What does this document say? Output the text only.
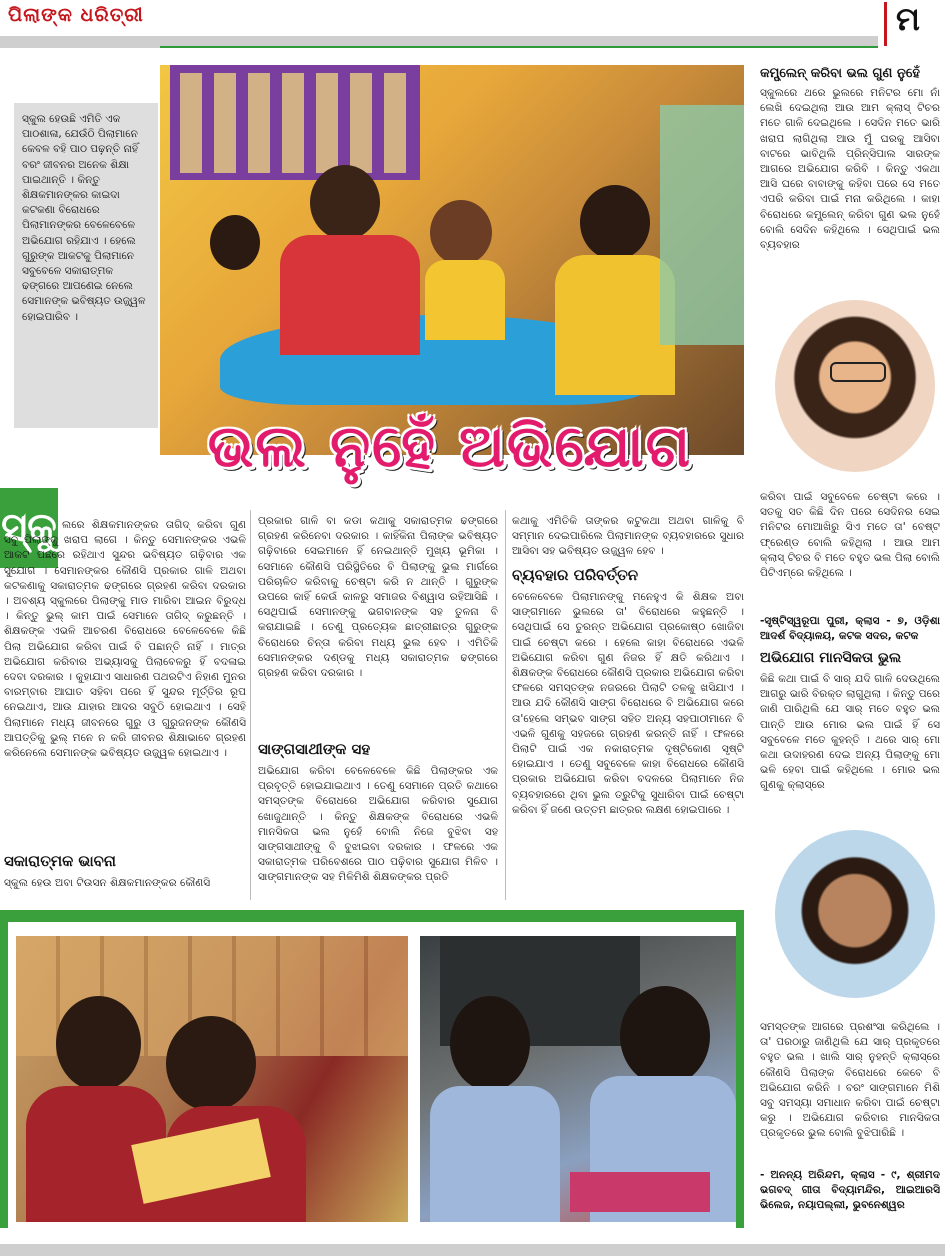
ପିଲାଙ୍କ ଧରିତ୍ରୀ	ମ
ସ୍କୁଲ ହେଉଛି ଏମିତି ଏକ ପାଠଶାଳା, ଯେଉଁଠି ପିଲାମାନେ କେବଳ ବହି ପାଠ ପଢ଼ନ୍ତି ନାହିଁ ବରଂ ଜୀବନର ଅନେକ ଶିକ୍ଷା ପାଇଥାନ୍ତି । କିନ୍ତୁ ଶିକ୍ଷକମାନଙ୍କର କାଇଦା କଟକଣା ବିରୋଧରେ ପିଲାମାନଙ୍କର ବେଳେବେଳେ ଅଭିଯୋଗ ରହିଯାଏ । ହେଲେ ଗୁରୁଙ୍କ ଆକଟକୁ ପିଲାମାନେ ସବୁବେଳେ ସକାରାତ୍ମକ ଢଙ୍ଗରେ ଆପଣେଇ ନେଲେ ସେମାନଙ୍କ ଭବିଷ୍ୟତ ଉଜ୍ଜ୍ୱଳ ହୋଇପାରିବ ।
ଭଲ ନୁହେଁ ଅଭିଯୋଗ
ସ୍କୁ ଲରେ ଶିକ୍ଷକମାନଙ୍କର ତାଗିଦ୍ କରିବା ଗୁଣ ସବୁ ପିଲାଙ୍କୁ ଖରାପ ଲାଗେ । କିନ୍ତୁ ସେମାନଙ୍କର ଏଭଳି ଆକଟ ପଛରେ ରହିଥାଏ ସୁନ୍ଦର ଭବିଷ୍ୟତ ଗଢ଼ିବାର ଏକ ସୁଯୋଗ । ସେମାନଙ୍କର କୌଣସି ପ୍ରକାର ଗାଳି ଅଥବା କଟକଣାକୁ ସକାରାତ୍ମକ ଢଙ୍ଗରେ ଗ୍ରହଣ କରିବା ଦରକାର । ଅବଶ୍ୟ ସ୍କୁଲରେ ପିଲାଙ୍କୁ ମାଡ ମାରିବା ଆଇନ ବିରୁଦ୍ଧ । କିନ୍ତୁ ଭୁଲ୍ କାମ ପାଇଁ ସେମାନେ ତାଗିଦ୍ କରୁଛନ୍ତି । ଶିକ୍ଷକଙ୍କ ଏଭଳି ଆଚରଣ ବିରୋଧରେ ବେଳେବେଳେ କିଛି ପିଲା ଅଭିଯୋଗ କରିବା ପାଇଁ ବି ପଛାନ୍ତି ନାହିଁ । ମାତ୍ର ଅଭିଯୋଗ କରିବାର ଅଭ୍ୟାସକୁ ପିଲାବେଳରୁ ହିଁ ବଦଳାଇ ଦେବା ଦରକାର । କୁହାଯାଏ ସାଧାରଣ ପଥରଟିଏ ନିହାଣ ମୁନର ବାରମ୍ବାର ଆଘାତ ସହିବା ପରେ ହିଁ ସୁନ୍ଦର ମୂର୍ତ୍ତିର ରୂପ ନେଇଥାଏ, ଆଉ ଯାହାର ଆଦର ସବୁଠି ହୋଇଥାଏ । ସେହି ପିଲାମାନେ ମଧ୍ୟ ଜୀବନରେ ଗୁରୁ ଓ ଗୁରୁଜନଙ୍କ କୌଣସି ଆପତ୍ତିକୁ ଭୁଲ୍ ମନେ ନ କରି ଜୀବନର ଶିକ୍ଷାଭାବେ ଗ୍ରହଣ କରିନେଲେ ସେମାନଙ୍କ ଭବିଷ୍ୟତ ଉଜ୍ଜ୍ୱଳ ହୋଇଥାଏ ।
ସକାରାତ୍ମକ ଭାବନା
ସ୍କୁଲ ହେଉ ଅବା ଟିଉସନ ଶିକ୍ଷକମାନଙ୍କର କୌଣସି
ପ୍ରକାର ଗାଳି ବା କଡା କଥାକୁ ସକାରାତ୍ମକ ଢଙ୍ଗରେ ଗ୍ରହଣ କରିନେବା ଦରକାର । କାହିଁକିନା ପିଲାଙ୍କ ଭବିଷ୍ୟତ ଗଢ଼ିବାରେ ସେଇମାନେ ହିଁ ନେଇଥାନ୍ତି ମୁଖ୍ୟ ଭୂମିକା । ସେମାନେ କୌଣସି ପରିସ୍ଥିତିରେ ବି ପିଲାଙ୍କୁ ଭୁଲ ମାର୍ଗରେ ପରିଚାଳିତ କରିବାକୁ ଚେଷ୍ଟା କରି ନ ଥାନ୍ତି । ଗୁରୁଙ୍କ ଉପରେ କାହିଁ କେଉଁ କାଳରୁ ସମାଜର ବିଶ୍ୱାସ ରହିଆସିଛି । ସେଥିପାଇଁ ସେମାନଙ୍କୁ ଭଗବାନଙ୍କ ସହ ତୁଳନା ବି କରାଯାଇଛି । ତେଣୁ ପ୍ରତ୍ୟେକ ଛାତ୍ରୀଛାତ୍ର ଗୁରୁଙ୍କ ବିରୋଧରେ ଚିନ୍ତା କରିବା ମଧ୍ୟ ଭୁଲ ହେବ । ଏମିତିକି ସେମାନଙ୍କର ଦଣ୍ଡକୁ ମଧ୍ୟ ସକାରାତ୍ମକ ଢଙ୍ଗରେ ଗ୍ରହଣ କରିବା ଦରକାର ।
ସାଙ୍ଗସାଥୀଙ୍କ ସହ
ଅଭିଯୋଗ କରିବା ବେଳେବେଳେ କିଛି ପିଲାଙ୍କର ଏକ ପ୍ରବୃତ୍ତି ହୋଇଯାଇଥାଏ । ତେଣୁ ସେମାନେ ପ୍ରତି କଥାରେ ସମସ୍ତଙ୍କ ବିରୋଧରେ ଅଭିଯୋଗ କରିବାର ସୁଯୋଗ ଖୋଜୁଥାନ୍ତି । କିନ୍ତୁ ଶିକ୍ଷକଙ୍କ ବିରୋଧରେ ଏଭଳି ମାନସିକତା ଭଲ ନୁହେଁ ବୋଲି ନିଜେ ବୁଝିବା ସହ ସାଙ୍ଗସାଥୀଙ୍କୁ ବି ବୁଝାଇବା ଦରକାର । ଫଳରେ ଏକ ସକାରାତ୍ମକ ପରିବେଶରେ ପାଠ ପଢ଼ିବାର ସୁଯୋଗ ମିଳିବ । ସାଙ୍ଗମାନଙ୍କ ସହ ମିଳିମିଶି ଶିକ୍ଷକଙ୍କର ପ୍ରତି
କଥାକୁ ଏମିତିକି ତାଙ୍କର କଟୁକଥା ଅଥବା ଗାଳିକୁ ବି ସମ୍ମାନ ଦେଇପାରିଲେ ପିଲାମାନଙ୍କ ବ୍ୟବହାରରେ ସୁଧାର ଆସିବା ସହ ଭବିଷ୍ୟତ ଉଜ୍ଜ୍ୱଳ ହେବ ।
ବ୍ୟବହାର ପରିବର୍ତ୍ତନ
ବେଳେବେଳେ ପିଲାମାନଙ୍କୁ ମନେହୁଏ କି ଶିକ୍ଷକ ଅବା ସାଙ୍ଗମାନେ ଭୁଲରେ ତା' ବିରୋଧରେ କହୁଛନ୍ତି । ସେଥିପାଇଁ ସେ ତୁରନ୍ତ ଅଭିଯୋଗ ପ୍ରକୋଷ୍ଠ ଖୋଜିବା ପାଇଁ ଚେଷ୍ଟା କରେ । ହେଲେ କାହା ବିରୋଧରେ ଏଭଳି ଅଭିଯୋଗ କରିବା ଗୁଣ ନିଜର ହିଁ କ୍ଷତି କରିଥାଏ । ଶିକ୍ଷକଙ୍କ ବିରୋଧରେ କୌଣସି ପ୍ରକାର ଅଭିଯୋଗ କରିବା ଫଳରେ ସମସ୍ତଙ୍କ ନଜରରେ ପିଲାଟି ତଳକୁ ଖସିଯାଏ । ଆଉ ଯଦି କୌଣସି ସାଙ୍ଗ ବିରୋଧରେ ବି ଅଭିଯୋଗ କରେ ତା'ହେଲେ ସମ୍ଭବ ସାଙ୍ଗ ସହିତ ଅନ୍ୟ ସହପାଠୀମାନେ ବି ଏଭଳି ଗୁଣକୁ ସହଜରେ ଗ୍ରହଣ କରନ୍ତି ନାହିଁ । ଫଳରେ ପିଲାଟି ପାଇଁ ଏକ ନକାରାତ୍ମକ ଦୃଷ୍ଟିକୋଣ ସୃଷ୍ଟି ହୋଇଯାଏ । ତେଣୁ ସବୁବେଳେ କାହା ବିରୋଧରେ କୌଣସି ପ୍ରକାର ଅଭିଯୋଗ କରିବା ବଦଳରେ ପିଲାମାନେ ନିଜ ବ୍ୟବହାରରେ ଥିବା ଭୁଲ ତ୍ରୁଟିକୁ ସୁଧାରିବା ପାଇଁ ଚେଷ୍ଟା କରିବା ହିଁ ଜଣେ ଉତ୍ତମ ଛାତ୍ରର ଲକ୍ଷଣ ହୋଇପାରେ ।
କମ୍ପ୍ଲେନ୍ କରିବା ଭଲ ଗୁଣ ନୁହେଁ
ସ୍କୁଲରେ ଥରେ ଭୁଲରେ ମନିଟର ମୋ ନାଁ ଲେଖି ଦେଇଥିଲା ଆଉ ଆମ କ୍ଲାସ୍ ଟିଚର ମତେ ଗାଳି ଦେଇଥିଲେ । ସେଦିନ ମତେ ଭାରି ଖରାପ ଲାଗିଥିଲା ଆଉ ମୁଁ ଘରକୁ ଆସିବା ବାଟରେ ଭାବିଥିଲି ପ୍ରିନ୍ସିପାଲ ସାରଙ୍କ ଆଗରେ ଅଭିଯୋଗ କରିବି । କିନ୍ତୁ ଏକଥା ଆସି ଘରେ ବାବାଙ୍କୁ କହିବା ପରେ ସେ ମତେ ଏପରି କରିବା ପାଇଁ ମନା କରିଥିଲେ । କାହା ବିରୋଧରେ କମ୍ପ୍ଲେନ୍ କରିବା ଗୁଣ ଭଲ ନୁହେଁ ବୋଲି ସେଦିନ କହିଥିଲେ । ସେଥିପାଇଁ ଭଲ ବ୍ୟବହାର
କରିବା ପାଇଁ ସବୁବେଳେ ଚେଷ୍ଟା କରେ । ସତକୁ ସତ କିଛି ଦିନ ପରେ ସେଦିନର ସେଇ ମନିଟର ମୋଆଖିରୁ ସିଏ ମତେ ତା' ବେଷ୍ଟ ଫ୍ରେଣ୍ଡ ବୋଲି କହିଥିଲା । ଆଉ ଆମ କ୍ଲାସ୍ ଟିଚର ବି ମତେ ବହୁତ ଭଲ ପିଲା ବୋଲି ପିଟିଏମ୍‌ରେ କହିଥିଲେ ।
-ସୃଷ୍ଟିସ୍ୱରୂପା ପୁରୀ, କ୍ଲାସ - ୭, ଓଡ଼ିଶା ଆଦର୍ଶ ବିଦ୍ୟାଳୟ, କଟକ ସଦର, କଟକ
ଅଭିଯୋଗ ମାନସିକତା ଭୁଲ
କିଛି କଥା ପାଇଁ ବି ସାର୍ ଯଦି ଗାଳି ଦେଉଥିଲେ ଆଗରୁ ଭାରି ବିରକ୍ତ ଲାଗୁଥିଲା । କିନ୍ତୁ ପରେ ଜାଣି ପାରିଥିଲି ଯେ ସାର୍ ମତେ ବହୁତ ଭଲ ପାନ୍ତି ଆଉ ମୋର ଭଲ ପାଇଁ ହିଁ ସେ ସବୁବେଳେ ମତେ କୁହନ୍ତି । ଥରେ ସାର୍ ମୋ କଥା ଉଦାହରଣ ଦେଇ ଅନ୍ୟ ପିଲାଙ୍କୁ ମୋ ଭଳି ହେବା ପାଇଁ କହିଥିଲେ । ମୋର ଭଲ ଗୁଣକୁ କ୍ଲାସ୍‌ରେ
ସମସ୍ତଙ୍କ ଆଗରେ ପ୍ରଶଂସା କରିଥିଲେ । ତା' ପରଠାରୁ ଜାଣିଥିଲି ଯେ ସାର୍ ପ୍ରକୃତରେ ବହୁତ ଭଲ । ଖାଲି ସାର୍ ନୁହନ୍ତି କ୍ଲାସ୍‌ରେ କୌଣସି ପିଲାଙ୍କ ବିରୋଧରେ କେବେ ବି ଅଭିଯୋଗ କରିନି । ବରଂ ସାଙ୍ଗମାନେ ମିଶି ସବୁ ସମସ୍ୟା ସମାଧାନ କରିବା ପାଇଁ ଚେଷ୍ଟା କରୁ । ଅଭିଯୋଗ କରିବାର ମାନସିକତା ପ୍ରକୃତରେ ଭୁଲ ବୋଲି ବୁଝିପାରିଛି ।
- ଅନନ୍ୟ ଅରିନ୍ଦମ, କ୍ଲାସ - ୯, ଶ୍ରୀମଦ ଭଗବଦ୍ ଗୀତା ବିଦ୍ୟାମନ୍ଦିର, ଆଇଆରସି ଭିଲେଜ, ନୟାପଲ୍ଲୀ, ଭୁବନେଶ୍ୱର
